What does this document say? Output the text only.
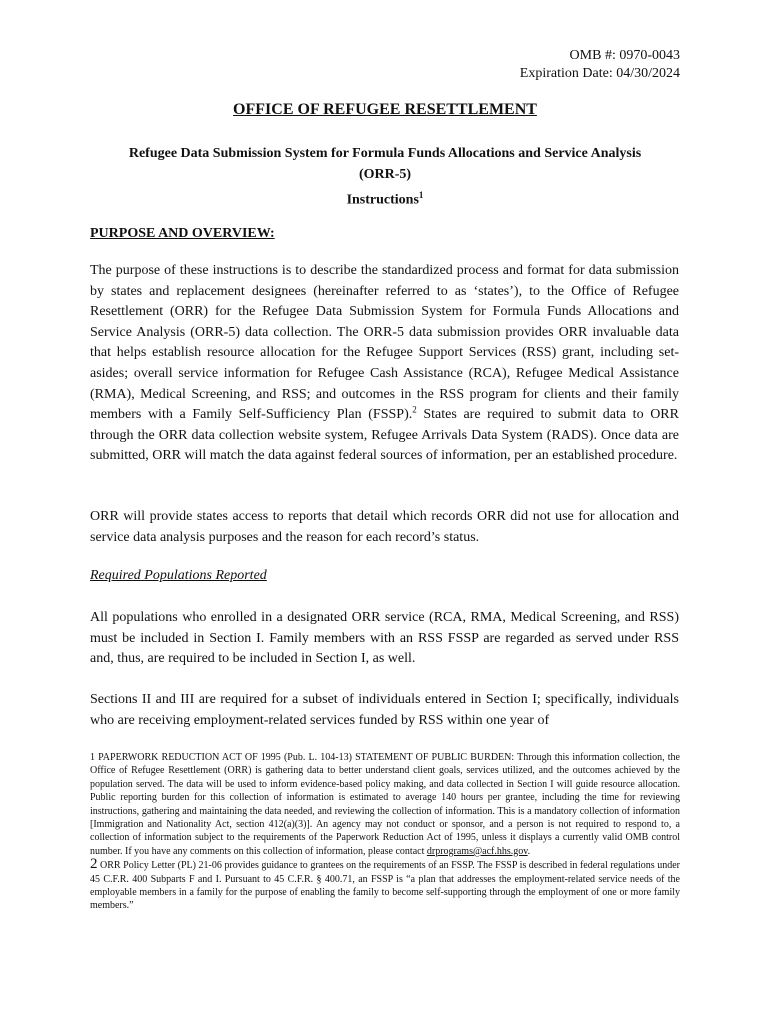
OMB #: 0970-0043
Expiration Date: 04/30/2024
OFFICE OF REFUGEE RESETTLEMENT
Refugee Data Submission System for Formula Funds Allocations and Service Analysis
(ORR-5)
Instructions$^1$
PURPOSE AND OVERVIEW:
The purpose of these instructions is to describe the standardized process and format for data submission by states and replacement designees (hereinafter referred to as ‘states’), to the Office of Refugee Resettlement (ORR) for the Refugee Data Submission System for Formula Funds Allocations and Service Analysis (ORR-5) data collection. The ORR-5 data submission provides ORR invaluable data that helps establish resource allocation for the Refugee Support Services (RSS) grant, including set-asides; overall service information for Refugee Cash Assistance (RCA), Refugee Medical Assistance (RMA), Medical Screening, and RSS; and outcomes in the RSS program for clients and their family members with a Family Self-Sufficiency Plan (FSSP).$^2$ States are required to submit data to ORR through the ORR data collection website system, Refugee Arrivals Data System (RADS). Once data are submitted, ORR will match the data against federal sources of information, per an established procedure.
ORR will provide states access to reports that detail which records ORR did not use for allocation and service data analysis purposes and the reason for each record’s status.
Required Populations Reported
All populations who enrolled in a designated ORR service (RCA, RMA, Medical Screening, and RSS) must be included in Section I. Family members with an RSS FSSP are regarded as served under RSS and, thus, are required to be included in Section I, as well.
Sections II and III are required for a subset of individuals entered in Section I; specifically, individuals who are receiving employment-related services funded by RSS within one year of
1 PAPERWORK REDUCTION ACT OF 1995 (Pub. L. 104-13) STATEMENT OF PUBLIC BURDEN: Through this information collection, the Office of Refugee Resettlement (ORR) is gathering data to better understand client goals, services utilized, and the outcomes achieved by the population served. The data will be used to inform evidence-based policy making, and data collected in Section I will guide resource allocation. Public reporting burden for this collection of information is estimated to average 140 hours per grantee, including the time for reviewing instructions, gathering and maintaining the data needed, and reviewing the collection of information. This is a mandatory collection of information [Immigration and Nationality Act, section 412(a)(3)]. An agency may not conduct or sponsor, and a person is not required to respond to, a collection of information subject to the requirements of the Paperwork Reduction Act of 1995, unless it displays a currently valid OMB control number. If you have any comments on this collection of information, please contact drprograms@acf.hhs.gov.
2 ORR Policy Letter (PL) 21-06 provides guidance to grantees on the requirements of an FSSP. The FSSP is described in federal regulations under 45 C.F.R. 400 Subparts F and I. Pursuant to 45 C.F.R. § 400.71, an FSSP is “a plan that addresses the employment-related service needs of the employable members in a family for the purpose of enabling the family to become self-supporting through the employment of one or more family members.”
